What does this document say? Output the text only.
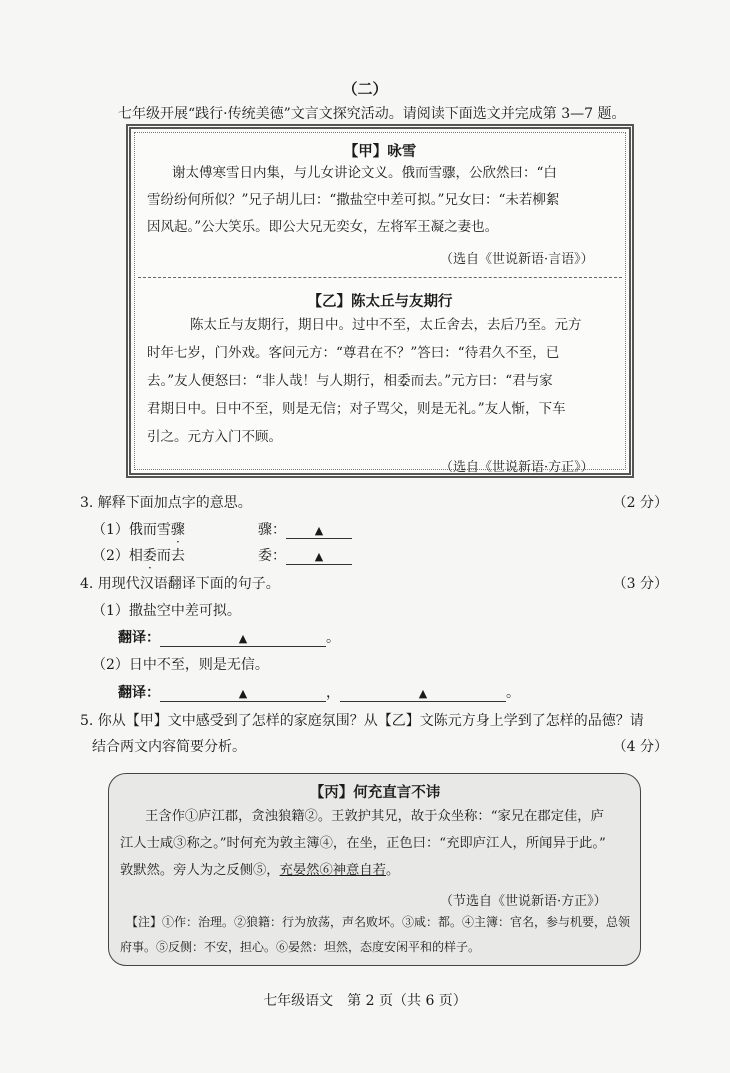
（二）
七年级开展“践行·传统美德”文言文探究活动。请阅读下面选文并完成第 3—7 题。
【甲】咏雪
谢太傅寒雪日内集，与儿女讲论文义。俄而雪骤，公欣然曰：“白
雪纷纷何所似？”兄子胡儿曰：“撒盐空中差可拟。”兄女曰：“未若柳絮
因风起。”公大笑乐。即公大兄无奕女，左将军王凝之妻也。
（选自《世说新语·言语》）
【乙】陈太丘与友期行
陈太丘与友期行，期日中。过中不至，太丘舍去，去后乃至。元方
时年七岁，门外戏。客问元方：“尊君在不？”答曰：“待君久不至，已
去。”友人便怒曰：“非人哉！与人期行，相委而去。”元方曰：“君与家
君期日中。日中不至，则是无信；对子骂父，则是无礼。”友人惭，下车
引之。元方入门不顾。
（选自《世说新语·方正》）
3. 解释下面加点字的意思。	（2 分）
（1）俄而雪骤	骤：	▲
（2）相委而去	委：	▲
4. 用现代汉语翻译下面的句子。	（3 分）
（1）撒盐空中差可拟。
翻译：	▲	。
（2）日中不至，则是无信。
翻译：	▲	，	▲	。
5. 你从【甲】文中感受到了怎样的家庭氛围？从【乙】文陈元方身上学到了怎样的品德？请
结合两文内容简要分析。	（4 分）
【丙】何充直言不讳
王含作①庐江郡，贪浊狼籍②。王敦护其兄，故于众坐称：“家兄在郡定佳，庐
江人士咸③称之。”时何充为敦主簿④，在坐，正色曰：“充即庐江人，所闻异于此。”
敦默然。旁人为之反侧⑤，充晏然⑥神意自若。
（节选自《世说新语·方正》）
【注】①作：治理。②狼籍：行为放荡，声名败坏。③咸：都。④主簿：官名，参与机要，总领
府事。⑤反侧：不安，担心。⑥晏然：坦然，态度安闲平和的样子。
七年级语文　第 2 页（共 6 页）
